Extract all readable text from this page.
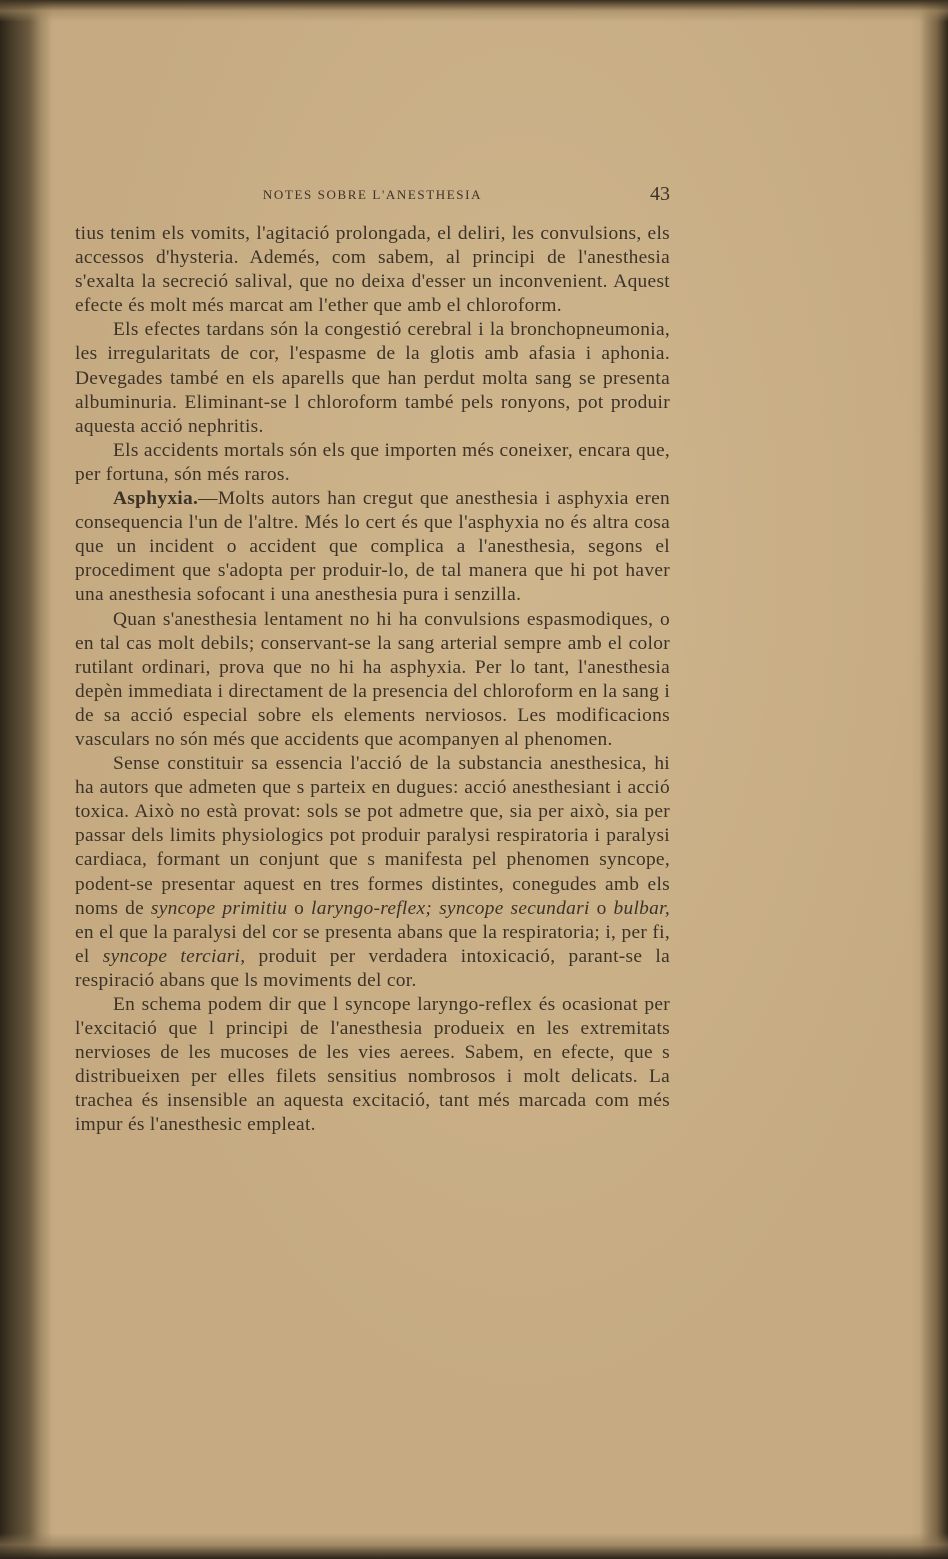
NOTES SOBRE L'ANESTHESIA	43

tius tenim els vomits, l'agitació prolongada, el deliri, les convulsions, els accessos d'hysteria. Ademés, com sabem, al principi de l'anesthesia s'exalta la secreció salival, que no deixa d'esser un inconvenient. Aquest efecte és molt més marcat am l'ether que amb el chloroform.

Els efectes tardans són la congestió cerebral i la bronchopneumonia, les irregularitats de cor, l'espasme de la glotis amb afasia i aphonia. Devegades també en els aparells que han perdut molta sang se presenta albuminuria. Eliminant-se l chloroform també pels ronyons, pot produir aquesta acció nephritis.

Els accidents mortals són els que importen més coneixer, encara que, per fortuna, són més raros.

Asphyxia.—Molts autors han cregut que anesthesia i asphyxia eren consequencia l'un de l'altre. Més lo cert és que l'asphyxia no és altra cosa que un incident o accident que complica a l'anesthesia, segons el procediment que s'adopta per produir-lo, de tal manera que hi pot haver una anesthesia sofocant i una anesthesia pura i senzilla.

Quan s'anesthesia lentament no hi ha convulsions espasmodiques, o en tal cas molt debils; conservant-se la sang arterial sempre amb el color rutilant ordinari, prova que no hi ha asphyxia. Per lo tant, l'anesthesia depèn immediata i directament de la presencia del chloroform en la sang i de sa acció especial sobre els elements nerviosos. Les modificacions vasculars no són més que accidents que acompanyen al phenomen.

Sense constituir sa essencia l'acció de la substancia anesthesica, hi ha autors que admeten que s parteix en dugues: acció anesthesiant i acció toxica. Això no està provat: sols se pot admetre que, sia per això, sia per passar dels limits physiologics pot produir paralysi respiratoria i paralysi cardiaca, formant un conjunt que s manifesta pel phenomen syncope, podent-se presentar aquest en tres formes distintes, conegudes amb els noms de syncope primitiu o laryngo-reflex; syncope secundari o bulbar, en el que la paralysi del cor se presenta abans que la respiratoria; i, per fi, el syncope terciari, produit per verdadera intoxicació, parant-se la respiració abans que ls moviments del cor.

En schema podem dir que l syncope laryngo-reflex és ocasionat per l'excitació que l principi de l'anesthesia produeix en les extremitats nervioses de les mucoses de les vies aerees. Sabem, en efecte, que s distribueixen per elles filets sensitius nombrosos i molt delicats. La trachea és insensible an aquesta excitació, tant més marcada com més impur és l'anesthesic empleat.
